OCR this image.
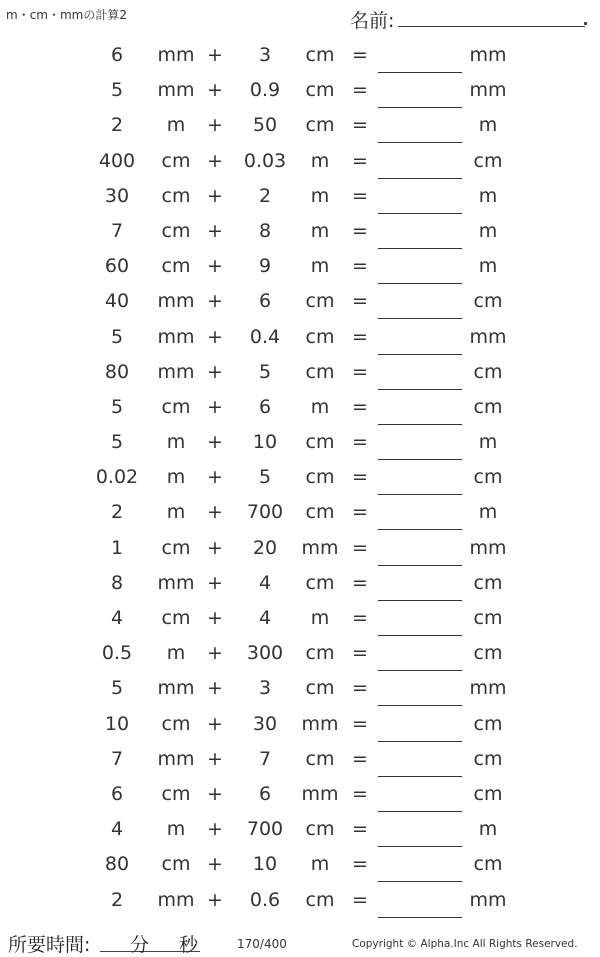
m・cm・mmの計算2	名前:
6	mm +	3	cm =	mm
5	mm +	0.9	cm =	mm
2	m	+	50	cm =	m
400	cm +	0.03	m	=	cm
30	cm +	2	m	=	m
7	cm +	8	m	=	m
60	cm +	9	m	=	m
40	mm +	6	cm =	cm
5	mm +	0.4	cm =	mm
80	mm +	5	cm =	cm
5	cm +	6	m	=	cm
5	m	+	10	cm =	m
0.02	m	+	5	cm =	cm
2	m	+	700	cm =	m
1	cm +	20	mm =	mm
8	mm +	4	cm =	cm
4	cm +	4	m	=	cm
0.5	m	+	300	cm =	cm
5	mm +	3	cm =	mm
10	cm +	30	mm =	cm
7	mm +	7	cm =	cm
6	cm +	6	mm =	cm
4	m	+	700	cm =	m
80	cm +	10	m	=	cm
2	mm +	0.6	cm =	mm
所要時間: 分 秒	170/400	Copyright © Alpha.Inc All Rights Reserved.
